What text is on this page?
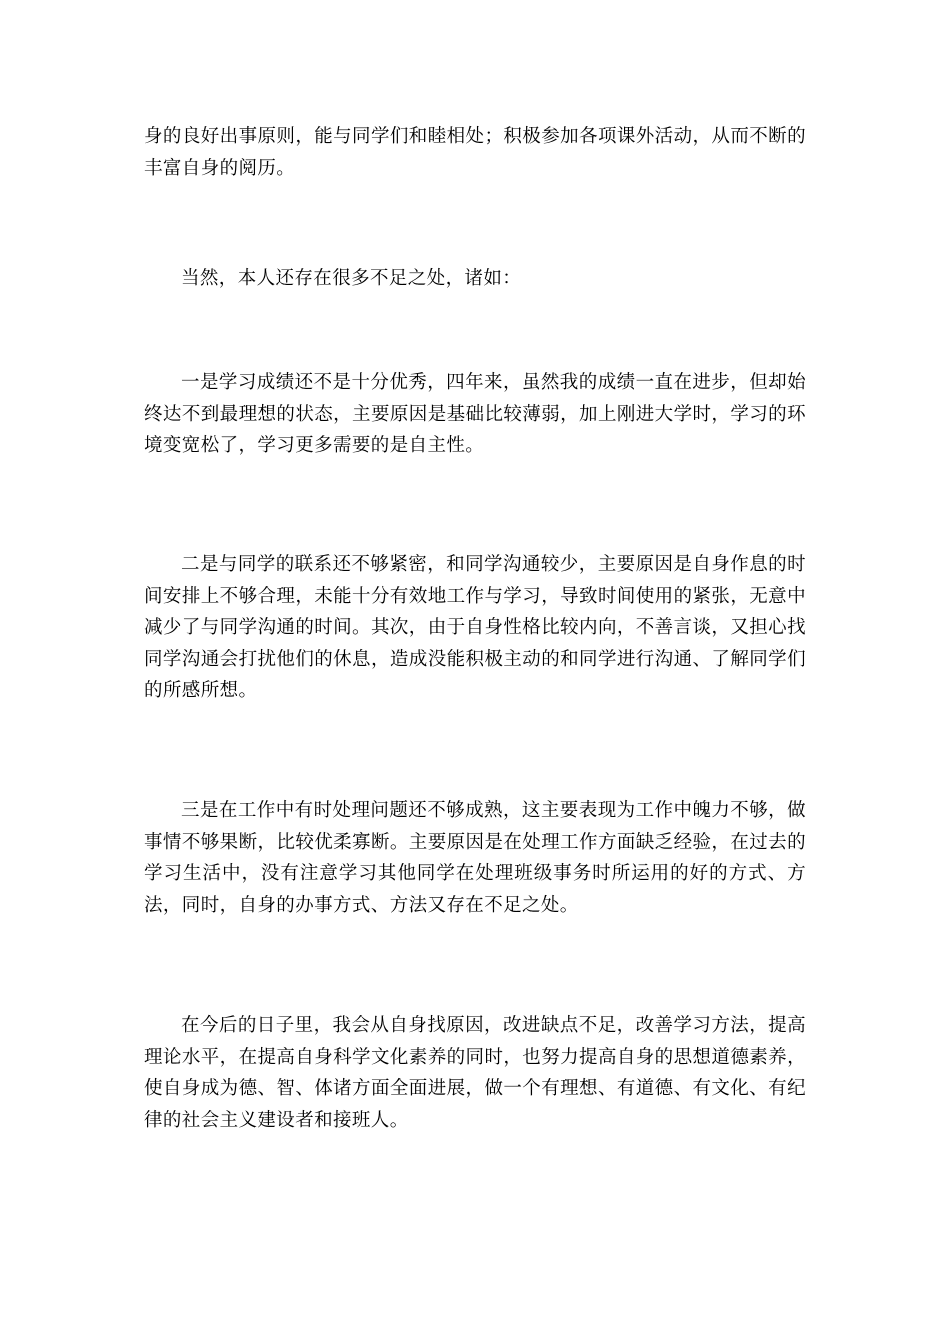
身的良好出事原则，能与同学们和睦相处；积极参加各项课外活动，从而不断的丰富自身的阅历。

当然，本人还存在很多不足之处，诸如：

一是学习成绩还不是十分优秀，四年来，虽然我的成绩一直在进步，但却始终达不到最理想的状态，主要原因是基础比较薄弱，加上刚进大学时，学习的环境变宽松了，学习更多需要的是自主性。

二是与同学的联系还不够紧密，和同学沟通较少，主要原因是自身作息的时间安排上不够合理，未能十分有效地工作与学习，导致时间使用的紧张，无意中减少了与同学沟通的时间。其次，由于自身性格比较内向，不善言谈，又担心找同学沟通会打扰他们的休息，造成没能积极主动的和同学进行沟通、了解同学们的所感所想。

三是在工作中有时处理问题还不够成熟，这主要表现为工作中魄力不够，做事情不够果断，比较优柔寡断。主要原因是在处理工作方面缺乏经验，在过去的学习生活中，没有注意学习其他同学在处理班级事务时所运用的好的方式、方法，同时，自身的办事方式、方法又存在不足之处。

在今后的日子里，我会从自身找原因，改进缺点不足，改善学习方法，提高理论水平，在提高自身科学文化素养的同时，也努力提高自身的思想道德素养，使自身成为德、智、体诸方面全面进展，做一个有理想、有道德、有文化、有纪律的社会主义建设者和接班人。
